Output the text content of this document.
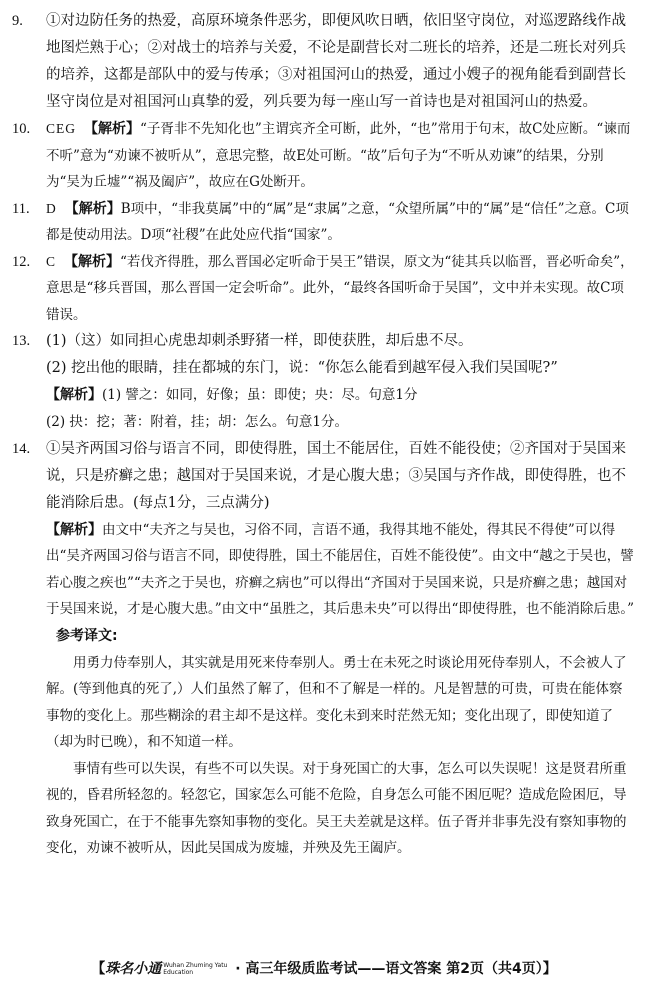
9.	①对边防任务的热爱，高原环境条件恶劣，即便风吹日晒，依旧坚守岗位，对巡逻路线作战地图烂熟于心；②对战士的培养与关爱，不论是副营长对二班长的培养，还是二班长对列兵的培养，这都是部队中的爱与传承；③对祖国河山的热爱，通过小嫂子的视角能看到副营长坚守岗位是对祖国河山真挚的爱，列兵要为每一座山写一首诗也是对祖国河山的热爱。
10.	CEG 【解析】“子胥非不先知化也”主谓宾齐全可断，此外，“也”常用于句末，故C处应断。“谏而不听”意为“劝谏不被听从”，意思完整，故E处可断。“故”后句子为“不听从劝谏”的结果，分别为“吴为丘墟”“祸及阖庐”，故应在G处断开。
11.	D 【解析】B项中，“非我莫属”中的“属”是“隶属”之意，“众望所属”中的“属”是“信任”之意。C项都是使动用法。D项“社稷”在此处应代指“国家”。
12.	C 【解析】“若伐齐得胜，那么晋国必定听命于吴王”错误，原文为“徒其兵以临晋，晋必听命矣”，意思是“移兵晋国，那么晋国一定会听命”。此外，“最终各国听命于吴国”，文中并未实现。故C项错误。
13.	(1)（这）如同担心虎患却刺杀野猪一样，即使获胜，却后患不尽。
(2) 挖出他的眼睛，挂在都城的东门，说：“你怎么能看到越军侵入我们吴国呢?”
【解析】(1) 譬之：如同，好像；虽：即使；央：尽。句意1分
(2) 抉：挖；著：附着，挂；胡：怎么。句意1分。
14.	①吴齐两国习俗与语言不同，即使得胜，国土不能居住，百姓不能役使；②齐国对于吴国来说，只是疥癣之患；越国对于吴国来说，才是心腹大患；③吴国与齐作战，即使得胜，也不能消除后患。(每点1分，三点满分)
【解析】由文中“夫齐之与吴也，习俗不同，言语不通，我得其地不能处，得其民不得使”可以得出“吴齐两国习俗与语言不同，即使得胜，国土不能居住，百姓不能役使”。由文中“越之于吴也，譬若心腹之疾也”“夫齐之于吴也，疥癣之病也”可以得出“齐国对于吴国来说，只是疥癣之患；越国对于吴国来说，才是心腹大患。”由文中“虽胜之，其后患未央”可以得出“即使得胜，也不能消除后患。”
参考译文:
用勇力侍奉别人，其实就是用死来侍奉别人。勇士在未死之时谈论用死侍奉别人，不会被人了解。(等到他真的死了,）人们虽然了解了，但和不了解是一样的。凡是智慧的可贵，可贵在能体察事物的变化上。那些糊涂的君主却不是这样。变化未到来时茫然无知；变化出现了，即使知道了（却为时已晚），和不知道一样。
事情有些可以失误，有些不可以失误。对于身死国亡的大事，怎么可以失误呢！这是贤君所重视的，昏君所轻忽的。轻忽它，国家怎么可能不危险，自身怎么可能不困厄呢？造成危险困厄，导致身死国亡，在于不能事先察知事物的变化。吴王夫差就是这样。伍子胥并非事先没有察知事物的变化，劝谏不被听从，因此吴国成为废墟，并殃及先王阖庐。
【珠名小通 Wuhan Zhuming Yatu Education	· 高三年级质监考试——语文答案 第2页（共4页）】
